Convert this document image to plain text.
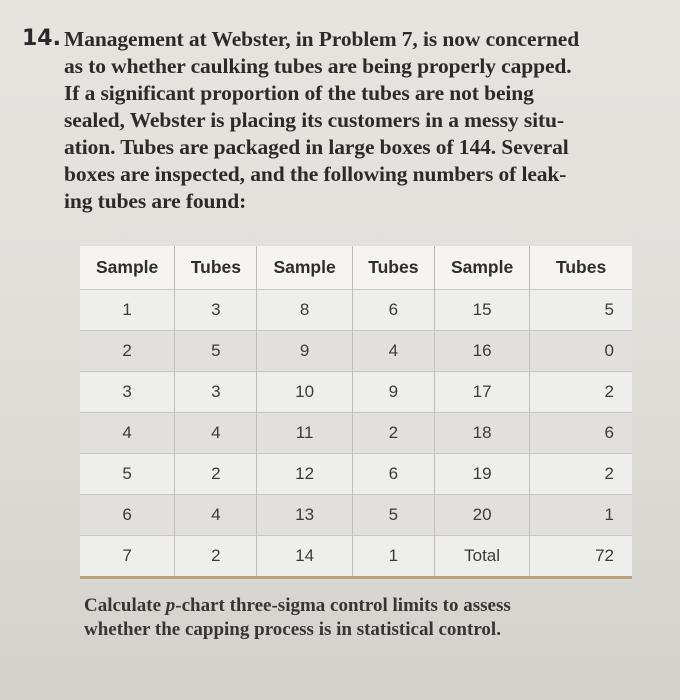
14. Management at Webster, in Problem 7, is now concerned
as to whether caulking tubes are being properly capped.
If a significant proportion of the tubes are not being
sealed, Webster is placing its customers in a messy situ-
ation. Tubes are packaged in large boxes of 144. Several
boxes are inspected, and the following numbers of leak-
ing tubes are found:
Sample	Tubes	Sample	Tubes	Sample	Tubes
1	3	8	6	15	5
2	5	9	4	16	0
3	3	10	9	17	2
4	4	11	2	18	6
5	2	12	6	19	2
6	4	13	5	20	1
7	2	14	1	Total	72
Calculate p-chart three-sigma control limits to assess
whether the capping process is in statistical control.
